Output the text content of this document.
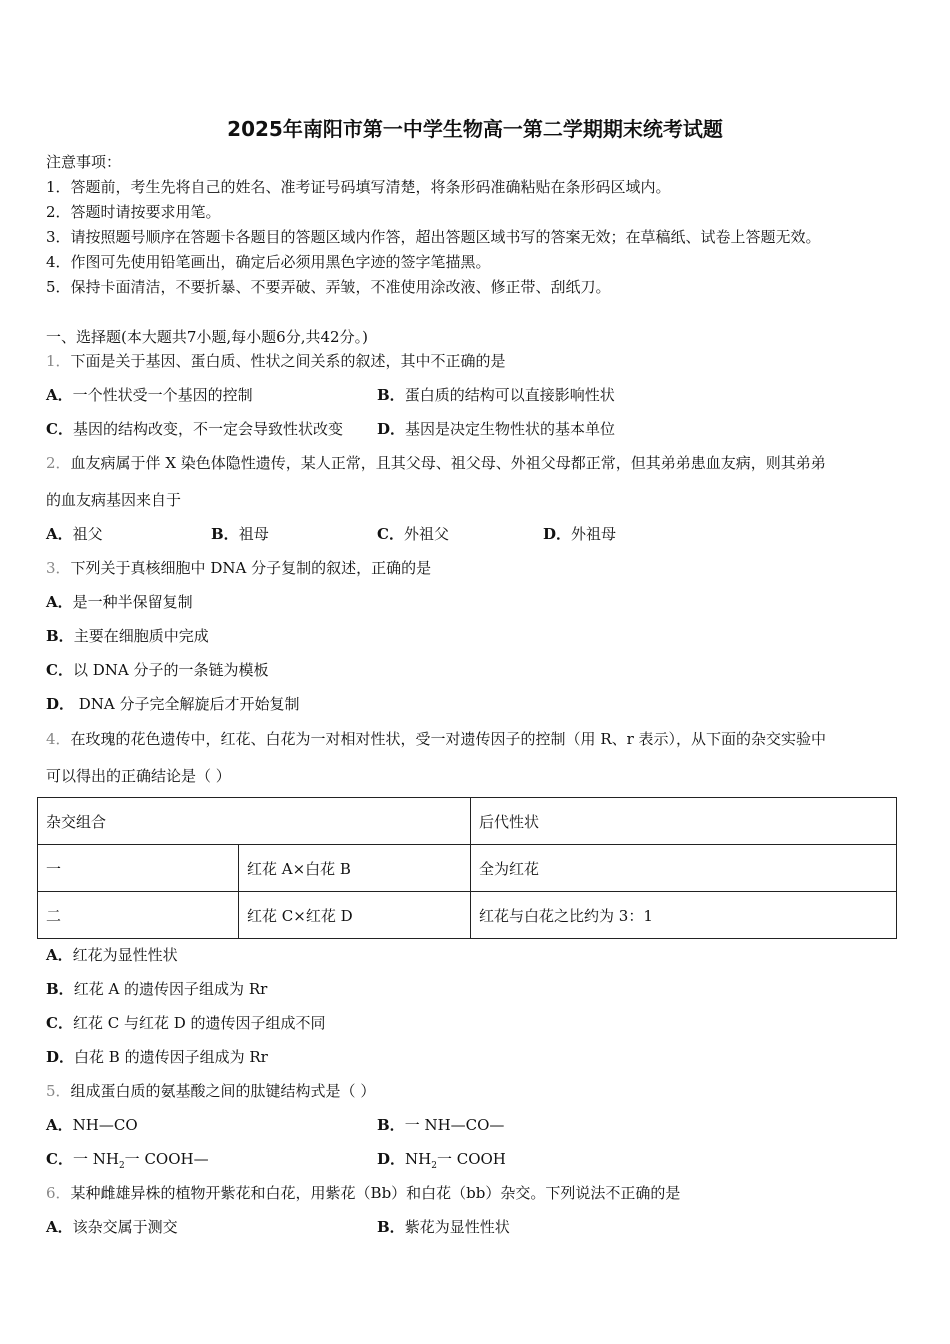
2025年南阳市第一中学生物高一第二学期期末统考试题
注意事项：
1．答题前，考生先将自己的姓名、准考证号码填写清楚，将条形码准确粘贴在条形码区域内。
2．答题时请按要求用笔。
3．请按照题号顺序在答题卡各题目的答题区域内作答，超出答题区域书写的答案无效；在草稿纸、试卷上答题无效。
4．作图可先使用铅笔画出，确定后必须用黑色字迹的签字笔描黑。
5．保持卡面清洁，不要折暴、不要弄破、弄皱，不准使用涂改液、修正带、刮纸刀。
一、选择题(本大题共7小题,每小题6分,共42分。)
1．下面是关于基因、蛋白质、性状之间关系的叙述，其中不正确的是
A．一个性状受一个基因的控制	B．蛋白质的结构可以直接影响性状
C．基因的结构改变，不一定会导致性状改变 D．基因是决定生物性状的基本单位
2．血友病属于伴 X 染色体隐性遗传，某人正常，且其父母、祖父母、外祖父母都正常，但其弟弟患血友病，则其弟弟
的血友病基因来自于
A．祖父	B．祖母	C．外祖父	D．外祖母
3．下列关于真核细胞中 DNA 分子复制的叙述，正确的是
A．是一种半保留复制
B．主要在细胞质中完成
C．以 DNA 分子的一条链为模板
D． DNA 分子完全解旋后才开始复制
4．在玫瑰的花色遗传中，红花、白花为一对相对性状，受一对遗传因子的控制（用 R、r 表示），从下面的杂交实验中
可以得出的正确结论是（ ）
杂交组合		后代性状
一	红花 A×白花 B	全为红花
二	红花 C×红花 D	红花与白花之比约为 3：1
A．红花为显性性状
B．红花 A 的遗传因子组成为 Rr
C．红花 C 与红花 D 的遗传因子组成不同
D．白花 B 的遗传因子组成为 Rr
5．组成蛋白质的氨基酸之间的肽键结构式是（ ）
A．NH—CO	B．一 NH—CO—
C．一 $NH_2$一 COOH—	D．$NH_2$一 COOH
6．某种雌雄异株的植物开紫花和白花，用紫花（Bb）和白花（bb）杂交。下列说法不正确的是
A．该杂交属于测交	B．紫花为显性性状
